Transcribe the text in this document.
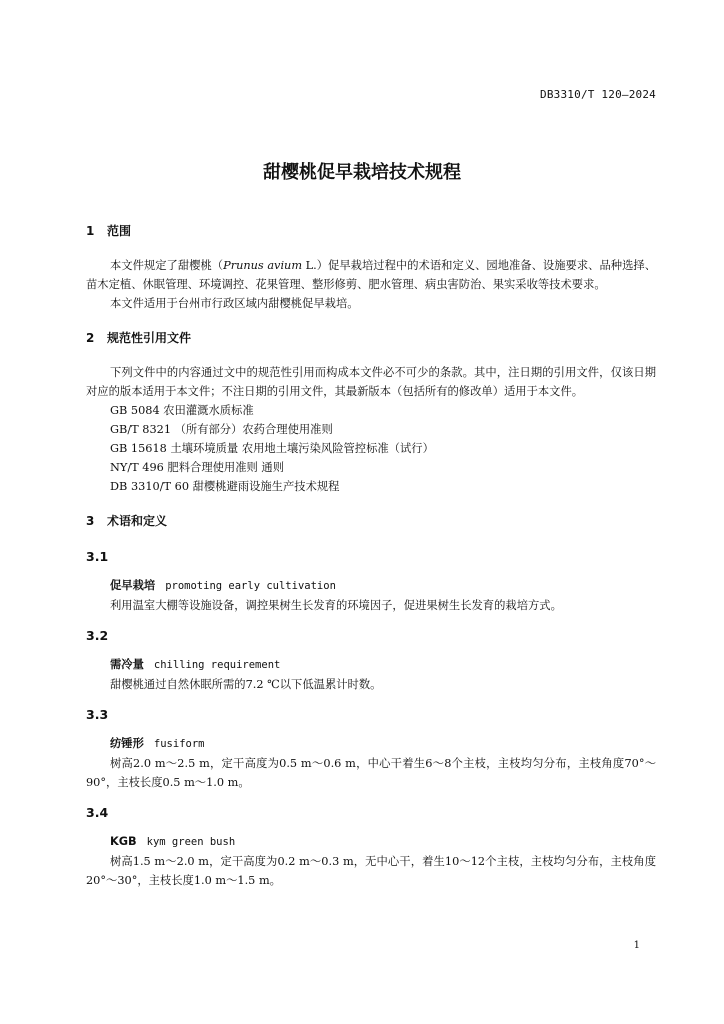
DB3310/T 120—2024
甜樱桃促早栽培技术规程
1 范围

本文件规定了甜樱桃（Prunus avium L.）促早栽培过程中的术语和定义、园地准备、设施要求、品种选择、苗木定植、休眠管理、环境调控、花果管理、整形修剪、肥水管理、病虫害防治、果实采收等技术要求。

本文件适用于台州市行政区域内甜樱桃促早栽培。

2 规范性引用文件

下列文件中的内容通过文中的规范性引用而构成本文件必不可少的条款。其中，注日期的引用文件，仅该日期对应的版本适用于本文件；不注日期的引用文件，其最新版本（包括所有的修改单）适用于本文件。

GB 5084 农田灌溉水质标准

GB/T 8321 （所有部分）农药合理使用准则

GB 15618 土壤环境质量 农用地土壤污染风险管控标准（试行）

NY/T 496 肥料合理使用准则 通则

DB 3310/T 60 甜樱桃避雨设施生产技术规程

3 术语和定义
3.1

促早栽培 promoting early cultivation

利用温室大棚等设施设备，调控果树生长发育的环境因子，促进果树生长发育的栽培方式。

3.2

需冷量 chilling requirement

甜樱桃通过自然休眠所需的7.2 ℃以下低温累计时数。

3.3

纺锤形 fusiform

树高2.0 m～2.5 m，定干高度为0.5 m～0.6 m，中心干着生6～8个主枝，主枝均匀分布，主枝角度70°～90°，主枝长度0.5 m～1.0 m。

3.4

KGB kym green bush

树高1.5 m～2.0 m，定干高度为0.2 m～0.3 m，无中心干，着生10～12个主枝，主枝均匀分布，主枝角度20°～30°，主枝长度1.0 m～1.5 m。

1
